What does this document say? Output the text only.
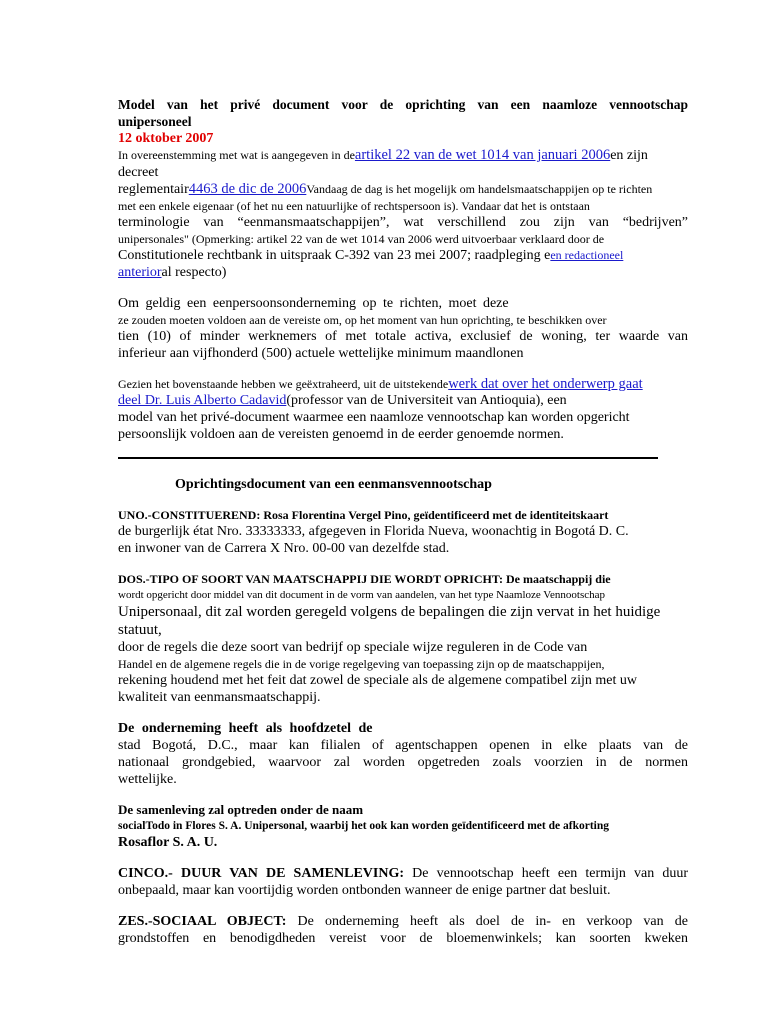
Model van het privé document voor de oprichting van een naamloze vennootschap

unipersoneel

12 oktober 2007

In overeenstemming met wat is aangegeven in deartikel 22 van de wet 1014 van januari 2006en zijn decreet

reglementair4463 de dic de 2006Vandaag de dag is het mogelijk om handelsmaatschappijen op te richten

met een enkele eigenaar (of het nu een natuurlijke of rechtspersoon is). Vandaar dat het is ontstaan

terminologie van “eenmansmaatschappijen”, wat verschillend zou zijn van “bedrijven”

unipersonales" (Opmerking: artikel 22 van de wet 1014 van 2006 werd uitvoerbaar verklaard door de

Constitutionele rechtbank in uitspraak C-392 van 23 mei 2007; raadpleging een redactioneel

anterioral respecto)

Om geldig een eenpersoonsonderneming op te richten, moet deze

ze zouden moeten voldoen aan de vereiste om, op het moment van hun oprichting, te beschikken over

tien (10) of minder werknemers of met totale activa, exclusief de woning, ter waarde van

inferieur aan vijfhonderd (500) actuele wettelijke minimum maandlonen

Gezien het bovenstaande hebben we geëxtraheerd, uit de uitstekendewerk dat over het onderwerp gaat

deel Dr. Luis Alberto Cadavid(professor van de Universiteit van Antioquia), een

model van het privé-document waarmee een naamloze vennootschap kan worden opgericht

persoonslijk voldoen aan de vereisten genoemd in de eerder genoemde normen.

Oprichtingsdocument van een eenmansvennootschap

UNO.-CONSTITUEREND: Rosa Florentina Vergel Pino, geïdentificeerd met de identiteitskaart

de burgerlijk état Nro. 33333333, afgegeven in Florida Nueva, woonachtig in Bogotá D. C.

en inwoner van de Carrera X Nro. 00-00 van dezelfde stad.

DOS.-TIPO OF SOORT VAN MAATSCHAPPIJ DIE WORDT OPRICHT: De maatschappij die

wordt opgericht door middel van dit document in de vorm van aandelen, van het type Naamloze Vennootschap

Unipersonaal, dit zal worden geregeld volgens de bepalingen die zijn vervat in het huidige statuut,

door de regels die deze soort van bedrijf op speciale wijze reguleren in de Code van

Handel en de algemene regels die in de vorige regelgeving van toepassing zijn op de maatschappijen,

rekening houdend met het feit dat zowel de speciale als de algemene compatibel zijn met uw

kwaliteit van eenmansmaatschappij.

De onderneming heeft als hoofdzetel de

stad Bogotá, D.C., maar kan filialen of agentschappen openen in elke plaats van de

nationaal grondgebied, waarvoor zal worden opgetreden zoals voorzien in de normen

wettelijke.

De samenleving zal optreden onder de naam

socialTodo in Flores S. A. Unipersonal, waarbij het ook kan worden geïdentificeerd met de afkorting

Rosaflor S. A. U.

CINCO.- DUUR VAN DE SAMENLEVING: De vennootschap heeft een termijn van duur

onbepaald, maar kan voortijdig worden ontbonden wanneer de enige partner dat besluit.

ZES.-SOCIAAL OBJECT: De onderneming heeft als doel de in- en verkoop van de

grondstoffen en benodigdheden vereist voor de bloemenwinkels; kan soorten kweken
